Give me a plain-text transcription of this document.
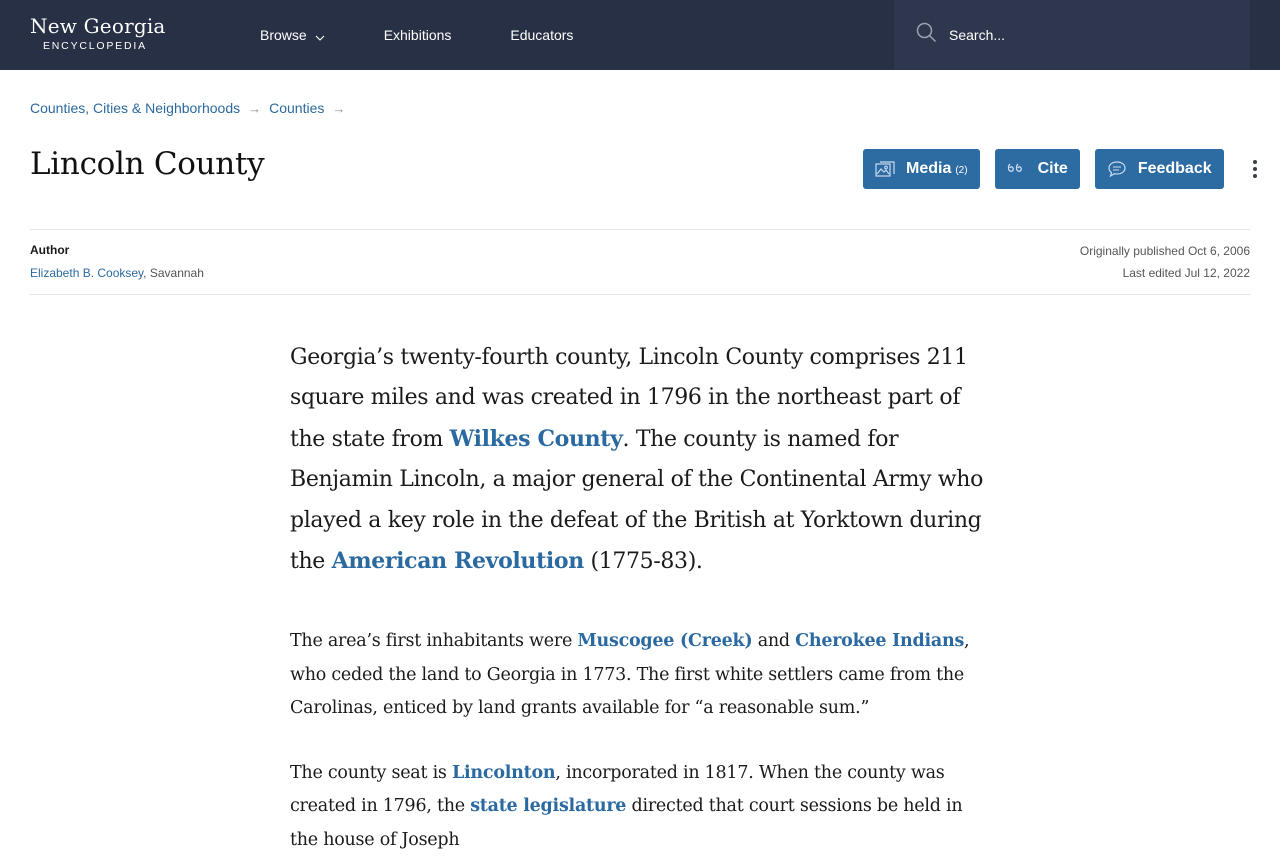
New Georgia
ENCYCLOPEDIA
Browse	Exhibitions	Educators
Search...
Counties, Cities & Neighborhoods → Counties →
Lincoln County	Media (2)	Cite	Feedback
Author
Elizabeth B. Cooksey, Savannah
Originally published Oct 6, 2006
Last edited Jul 12, 2022

Georgia’s twenty-fourth county, Lincoln County comprises 211 square miles and was created in 1796 in the northeast part of the state from Wilkes County. The county is named for Benjamin Lincoln, a major general of the Continental Army who played a key role in the defeat of the British at Yorktown during the American Revolution (1775-83).

The area’s first inhabitants were Muscogee (Creek) and Cherokee Indians, who ceded the land to Georgia in 1773. The first white settlers came from the Carolinas, enticed by land grants available for “a reasonable sum.”

The county seat is Lincolnton, incorporated in 1817. When the county was created in 1796, the state legislature directed that court sessions be held in the house of Joseph
